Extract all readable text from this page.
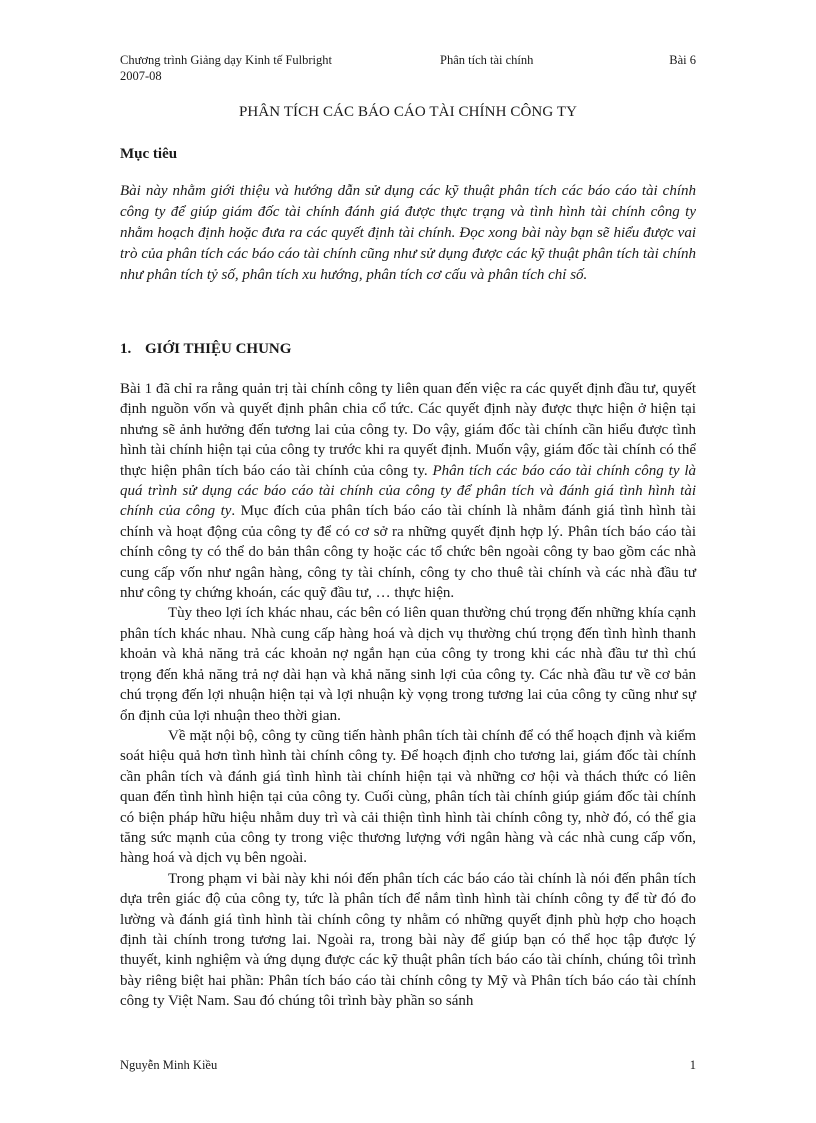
Chương trình Giảng dạy Kinh tế Fulbright	Phân tích tài chính	Bài 6
2007-08
PHÂN TÍCH CÁC BÁO CÁO TÀI CHÍNH CÔNG TY
Mục tiêu

Bài này nhằm giới thiệu và hướng dẫn sử dụng các kỹ thuật phân tích các báo cáo tài chính công ty để giúp giám đốc tài chính đánh giá được thực trạng và tình hình tài chính công ty nhằm hoạch định hoặc đưa ra các quyết định tài chính. Đọc xong bài này bạn sẽ hiểu được vai trò của phân tích các báo cáo tài chính cũng như sử dụng được các kỹ thuật phân tích tài chính như phân tích tỷ số, phân tích xu hướng, phân tích cơ cấu và phân tích chỉ số.

1. GIỚI THIỆU CHUNG

Bài 1 đã chỉ ra rằng quản trị tài chính công ty liên quan đến việc ra các quyết định đầu tư, quyết định nguồn vốn và quyết định phân chia cổ tức. Các quyết định này được thực hiện ở hiện tại nhưng sẽ ảnh hưởng đến tương lai của công ty. Do vậy, giám đốc tài chính cần hiểu được tình hình tài chính hiện tại của công ty trước khi ra quyết định. Muốn vậy, giám đốc tài chính có thể thực hiện phân tích báo cáo tài chính của công ty. Phân tích các báo cáo tài chính công ty là quá trình sử dụng các báo cáo tài chính của công ty để phân tích và đánh giá tình hình tài chính của công ty. Mục đích của phân tích báo cáo tài chính là nhằm đánh giá tình hình tài chính và hoạt động của công ty để có cơ sở ra những quyết định hợp lý. Phân tích báo cáo tài chính công ty có thể do bản thân công ty hoặc các tổ chức bên ngoài công ty bao gồm các nhà cung cấp vốn như ngân hàng, công ty tài chính, công ty cho thuê tài chính và các nhà đầu tư như công ty chứng khoán, các quỹ đầu tư, … thực hiện.

Tùy theo lợi ích khác nhau, các bên có liên quan thường chú trọng đến những khía cạnh phân tích khác nhau. Nhà cung cấp hàng hoá và dịch vụ thường chú trọng đến tình hình thanh khoản và khả năng trả các khoản nợ ngắn hạn của công ty trong khi các nhà đầu tư thì chú trọng đến khả năng trả nợ dài hạn và khả năng sinh lợi của công ty. Các nhà đầu tư về cơ bản chú trọng đến lợi nhuận hiện tại và lợi nhuận kỳ vọng trong tương lai của công ty cũng như sự ổn định của lợi nhuận theo thời gian.

Về mặt nội bộ, công ty cũng tiến hành phân tích tài chính để có thể hoạch định và kiểm soát hiệu quả hơn tình hình tài chính công ty. Để hoạch định cho tương lai, giám đốc tài chính cần phân tích và đánh giá tình hình tài chính hiện tại và những cơ hội và thách thức có liên quan đến tình hình hiện tại của công ty. Cuối cùng, phân tích tài chính giúp giám đốc tài chính có biện pháp hữu hiệu nhằm duy trì và cải thiện tình hình tài chính công ty, nhờ đó, có thể gia tăng sức mạnh của công ty trong việc thương lượng với ngân hàng và các nhà cung cấp vốn, hàng hoá và dịch vụ bên ngoài.

Trong phạm vi bài này khi nói đến phân tích các báo cáo tài chính là nói đến phân tích dựa trên giác độ của công ty, tức là phân tích để nắm tình hình tài chính công ty để từ đó đo lường và đánh giá tình hình tài chính công ty nhằm có những quyết định phù hợp cho hoạch định tài chính trong tương lai. Ngoài ra, trong bài này để giúp bạn có thể học tập được lý thuyết, kinh nghiệm và ứng dụng được các kỹ thuật phân tích báo cáo tài chính, chúng tôi trình bày riêng biệt hai phần: Phân tích báo cáo tài chính công ty Mỹ và Phân tích báo cáo tài chính công ty Việt Nam. Sau đó chúng tôi trình bày phần so sánh

Nguyễn Minh Kiều	1
